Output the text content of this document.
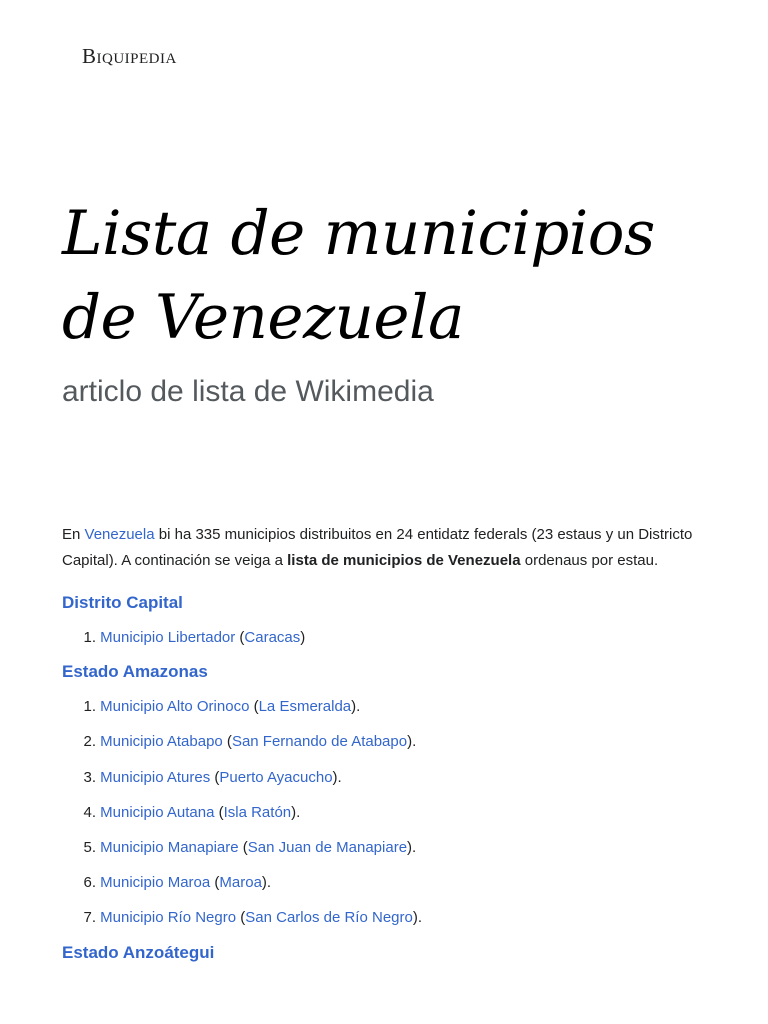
Biquipedia
Lista de municipios
de Venezuela
articlo de lista de Wikimedia

En Venezuela bi ha 335 municipios distribuitos en 24 entidatz federals (23 estaus y un Districto Capital). A continación se veiga a lista de municipios de Venezuela ordenaus por estau.

Distrito Capital
1. Municipio Libertador (Caracas)
Estado Amazonas
1. Municipio Alto Orinoco (La Esmeralda).
2. Municipio Atabapo (San Fernando de Atabapo).
3. Municipio Atures (Puerto Ayacucho).
4. Municipio Autana (Isla Ratón).
5. Municipio Manapiare (San Juan de Manapiare).
6. Municipio Maroa (Maroa).
7. Municipio Río Negro (San Carlos de Río Negro).
Estado Anzoátegui
